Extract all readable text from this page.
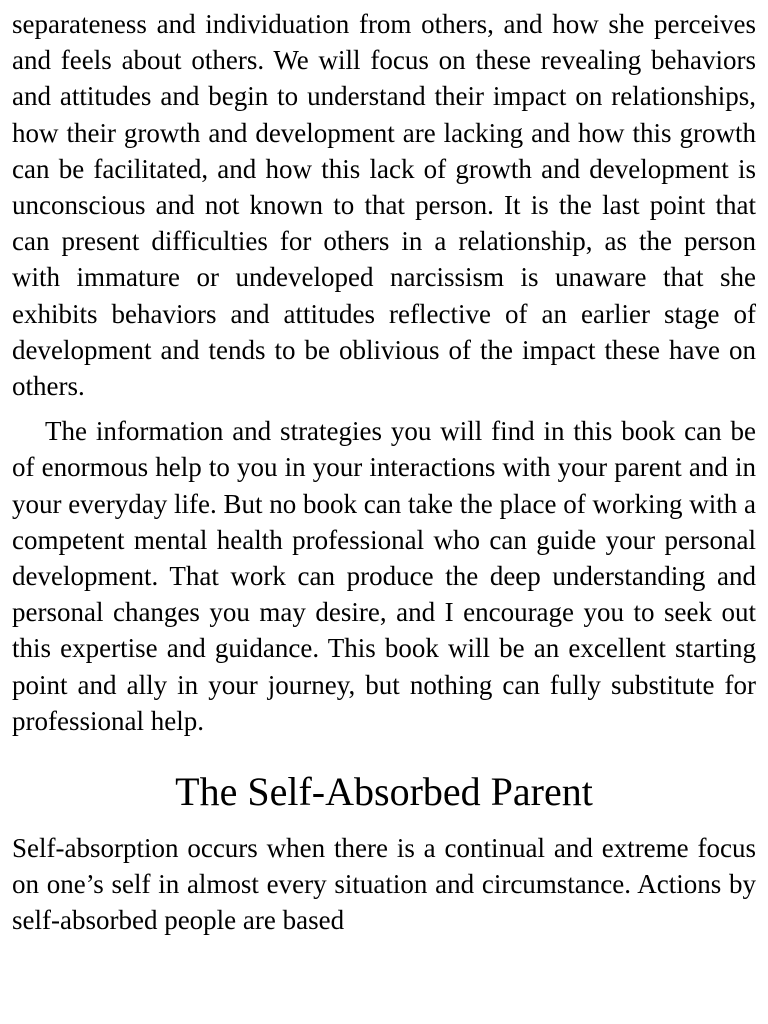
separateness and individuation from others, and how she perceives and feels about others. We will focus on these revealing behaviors and attitudes and begin to understand their impact on relationships, how their growth and development are lacking and how this growth can be facilitated, and how this lack of growth and development is unconscious and not known to that person. It is the last point that can present difficulties for others in a relationship, as the person with immature or undeveloped narcissism is unaware that she exhibits behaviors and attitudes reflective of an earlier stage of development and tends to be oblivious of the impact these have on others.

The information and strategies you will find in this book can be of enormous help to you in your interactions with your parent and in your everyday life. But no book can take the place of working with a competent mental health professional who can guide your personal development. That work can produce the deep understanding and personal changes you may desire, and I encourage you to seek out this expertise and guidance. This book will be an excellent starting point and ally in your journey, but nothing can fully substitute for professional help.

The Self-Absorbed Parent

Self-absorption occurs when there is a continual and extreme focus on one’s self in almost every situation and circumstance. Actions by self-absorbed people are based
